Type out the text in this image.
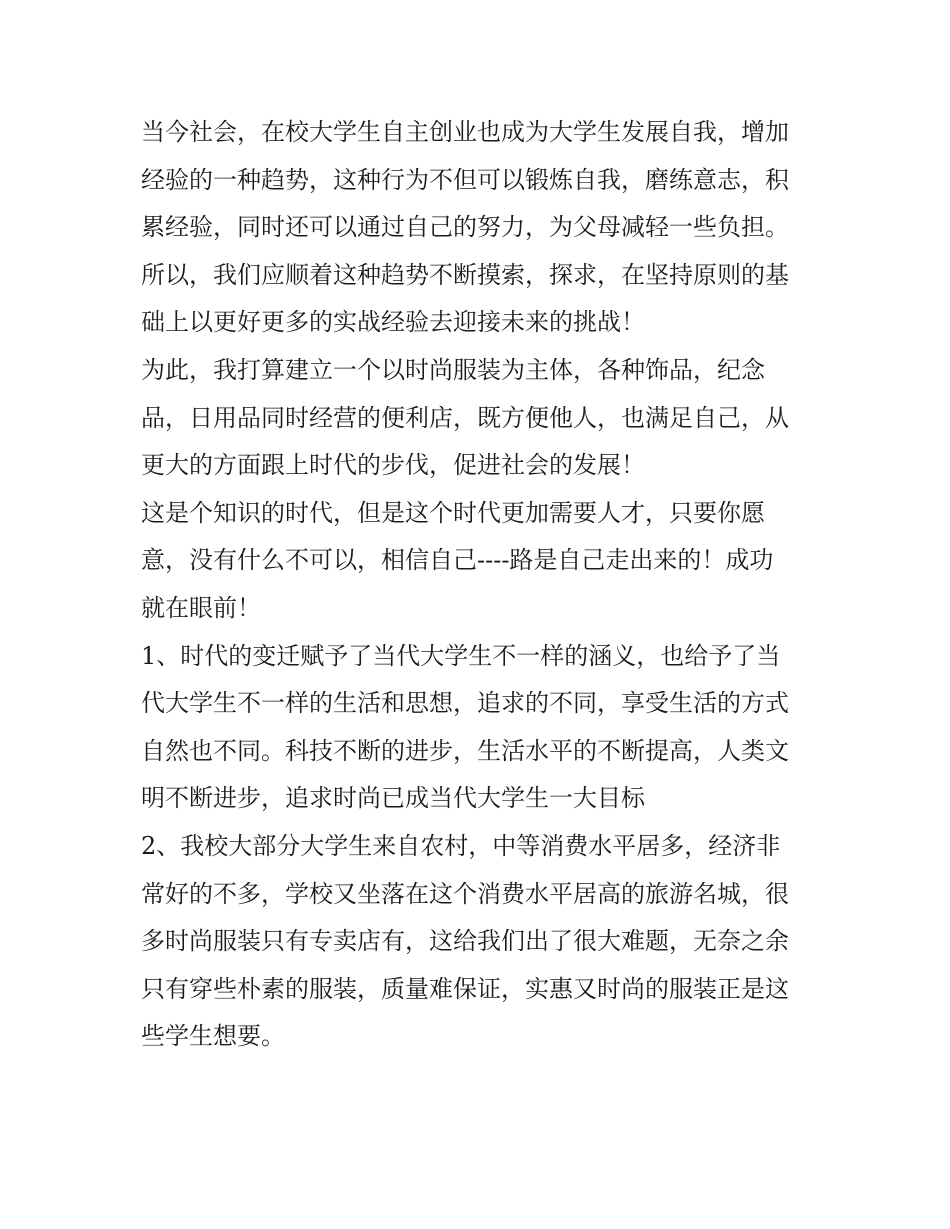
当今社会，在校大学生自主创业也成为大学生发展自我，增加
经验的一种趋势，这种行为不但可以锻炼自我，磨练意志，积
累经验，同时还可以通过自己的努力，为父母减轻一些负担。
所以，我们应顺着这种趋势不断摸索，探求，在坚持原则的基
础上以更好更多的实战经验去迎接未来的挑战！

为此，我打算建立一个以时尚服装为主体，各种饰品，纪念
品，日用品同时经营的便利店，既方便他人，也满足自己，从
更大的方面跟上时代的步伐，促进社会的发展！

这是个知识的时代，但是这个时代更加需要人才，只要你愿
意，没有什么不可以，相信自己----路是自己走出来的！成功
就在眼前！

1、时代的变迁赋予了当代大学生不一样的涵义，也给予了当
代大学生不一样的生活和思想，追求的不同，享受生活的方式
自然也不同。科技不断的进步，生活水平的不断提高，人类文
明不断进步，追求时尚已成当代大学生一大目标

2、我校大部分大学生来自农村，中等消费水平居多，经济非
常好的不多，学校又坐落在这个消费水平居高的旅游名城，很
多时尚服装只有专卖店有，这给我们出了很大难题，无奈之余
只有穿些朴素的服装，质量难保证，实惠又时尚的服装正是这
些学生想要。
